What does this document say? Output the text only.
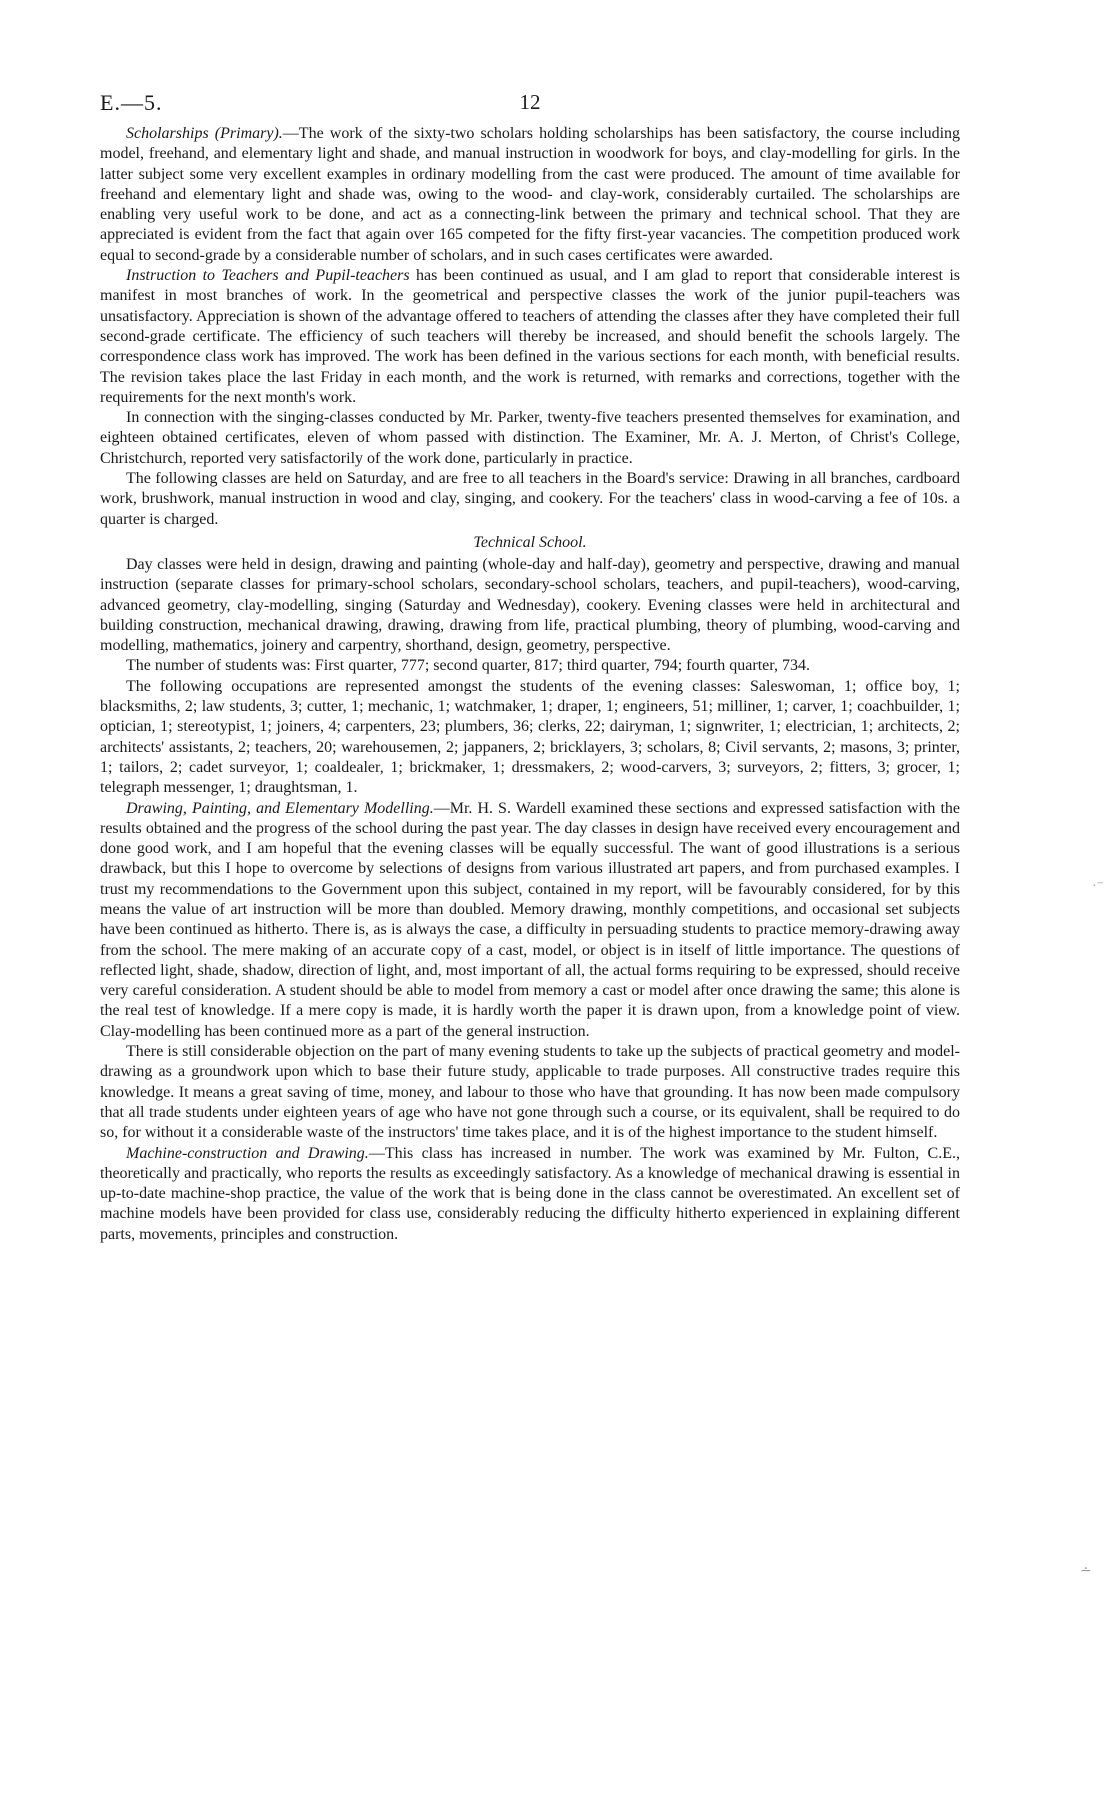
E.—5.	12

Scholarships (Primary).—The work of the sixty-two scholars holding scholarships has been satisfactory, the course including model, freehand, and elementary light and shade, and manual instruction in woodwork for boys, and clay-modelling for girls. In the latter subject some very excellent examples in ordinary modelling from the cast were produced. The amount of time available for freehand and elementary light and shade was, owing to the wood- and clay-work, considerably curtailed. The scholarships are enabling very useful work to be done, and act as a connecting-link between the primary and technical school. That they are appreciated is evident from the fact that again over 165 competed for the fifty first-year vacancies. The competition produced work equal to second-grade by a considerable number of scholars, and in such cases certificates were awarded.

Instruction to Teachers and Pupil-teachers has been continued as usual, and I am glad to report that considerable interest is manifest in most branches of work. In the geometrical and perspective classes the work of the junior pupil-teachers was unsatisfactory. Appreciation is shown of the advantage offered to teachers of attending the classes after they have completed their full second-grade certificate. The efficiency of such teachers will thereby be increased, and should benefit the schools largely. The correspondence class work has improved. The work has been defined in the various sections for each month, with beneficial results. The revision takes place the last Friday in each month, and the work is returned, with remarks and corrections, together with the requirements for the next month's work.

In connection with the singing-classes conducted by Mr. Parker, twenty-five teachers presented themselves for examination, and eighteen obtained certificates, eleven of whom passed with distinction. The Examiner, Mr. A. J. Merton, of Christ's College, Christchurch, reported very satisfactorily of the work done, particularly in practice.

The following classes are held on Saturday, and are free to all teachers in the Board's service: Drawing in all branches, cardboard work, brushwork, manual instruction in wood and clay, singing, and cookery. For the teachers' class in wood-carving a fee of 10s. a quarter is charged.

Technical School.

Day classes were held in design, drawing and painting (whole-day and half-day), geometry and perspective, drawing and manual instruction (separate classes for primary-school scholars, secondary-school scholars, teachers, and pupil-teachers), wood-carving, advanced geometry, clay-modelling, singing (Saturday and Wednesday), cookery. Evening classes were held in architectural and building construction, mechanical drawing, drawing, drawing from life, practical plumbing, theory of plumbing, wood-carving and modelling, mathematics, joinery and carpentry, shorthand, design, geometry, perspective.

The number of students was: First quarter, 777; second quarter, 817; third quarter, 794; fourth quarter, 734.

The following occupations are represented amongst the students of the evening classes: Saleswoman, 1; office boy, 1; blacksmiths, 2; law students, 3; cutter, 1; mechanic, 1; watchmaker, 1; draper, 1; engineers, 51; milliner, 1; carver, 1; coachbuilder, 1; optician, 1; stereotypist, 1; joiners, 4; carpenters, 23; plumbers, 36; clerks, 22; dairyman, 1; signwriter, 1; electrician, 1; architects, 2; architects' assistants, 2; teachers, 20; warehousemen, 2; jappaners, 2; bricklayers, 3; scholars, 8; Civil servants, 2; masons, 3; printer, 1; tailors, 2; cadet surveyor, 1; coaldealer, 1; brickmaker, 1; dressmakers, 2; wood-carvers, 3; surveyors, 2; fitters, 3; grocer, 1; telegraph messenger, 1; draughtsman, 1.

Drawing, Painting, and Elementary Modelling.—Mr. H. S. Wardell examined these sections and expressed satisfaction with the results obtained and the progress of the school during the past year. The day classes in design have received every encouragement and done good work, and I am hopeful that the evening classes will be equally successful. The want of good illustrations is a serious drawback, but this I hope to overcome by selections of designs from various illustrated art papers, and from purchased examples. I trust my recommendations to the Government upon this subject, contained in my report, will be favourably considered, for by this means the value of art instruction will be more than doubled. Memory drawing, monthly competitions, and occasional set subjects have been continued as hitherto. There is, as is always the case, a difficulty in persuading students to practice memory-drawing away from the school. The mere making of an accurate copy of a cast, model, or object is in itself of little importance. The questions of reflected light, shade, shadow, direction of light, and, most important of all, the actual forms requiring to be expressed, should receive very careful consideration. A student should be able to model from memory a cast or model after once drawing the same; this alone is the real test of knowledge. If a mere copy is made, it is hardly worth the paper it is drawn upon, from a knowledge point of view. Clay-modelling has been continued more as a part of the general instruction.

There is still considerable objection on the part of many evening students to take up the subjects of practical geometry and model-drawing as a groundwork upon which to base their future study, applicable to trade purposes. All constructive trades require this knowledge. It means a great saving of time, money, and labour to those who have that grounding. It has now been made compulsory that all trade students under eighteen years of age who have not gone through such a course, or its equivalent, shall be required to do so, for without it a considerable waste of the instructors' time takes place, and it is of the highest importance to the student himself.

Machine-construction and Drawing.—This class has increased in number. The work was examined by Mr. Fulton, C.E., theoretically and practically, who reports the results as exceedingly satisfactory. As a knowledge of mechanical drawing is essential in up-to-date machine-shop practice, the value of the work that is being done in the class cannot be overestimated. An excellent set of machine models have been provided for class use, considerably reducing the difficulty hitherto experienced in explaining different parts, movements, principles and construction.

·⁻
∸
